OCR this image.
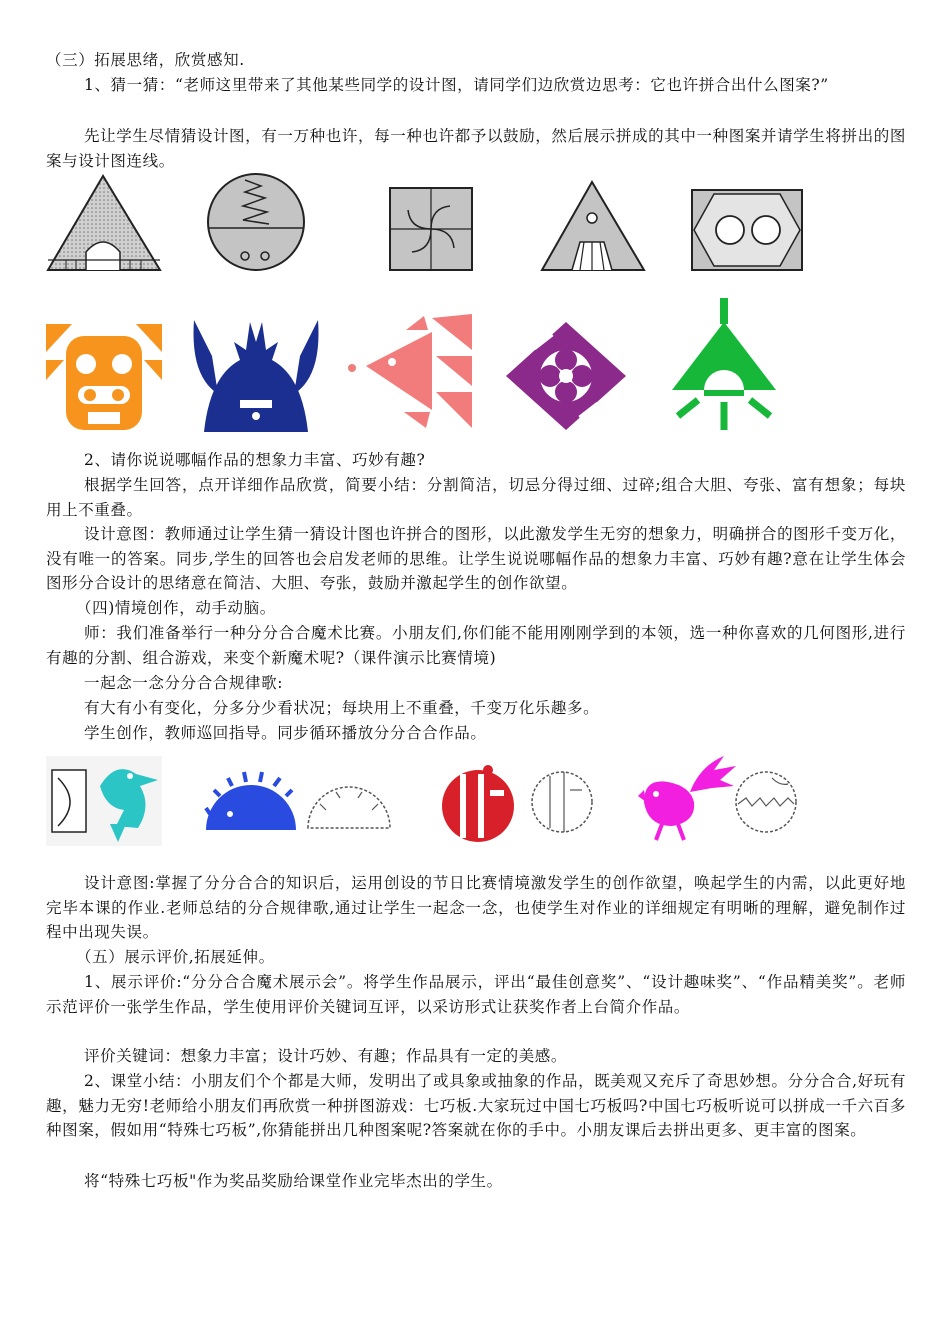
（三）拓展思绪，欣赏感知.

1、猜一猜：“老师这里带来了其他某些同学的设计图，请同学们边欣赏边思考：它也许拼合出什么图案?”

先让学生尽情猜设计图，有一万种也许，每一种也许都予以鼓励，然后展示拼成的其中一种图案并请学生将拼出的图案与设计图连线。

2、请你说说哪幅作品的想象力丰富、巧妙有趣?

根据学生回答，点开详细作品欣赏，简要小结：分割简洁，切忌分得过细、过碎;组合大胆、夸张、富有想象；每块用上不重叠。

设计意图：教师通过让学生猜一猜设计图也许拼合的图形，以此激发学生无穷的想象力，明确拼合的图形千变万化，没有唯一的答案。同步,学生的回答也会启发老师的思维。让学生说说哪幅作品的想象力丰富、巧妙有趣?意在让学生体会图形分合设计的思绪意在简洁、大胆、夸张，鼓励并激起学生的创作欲望。

（四)情境创作，动手动脑。

师：我们准备举行一种分分合合魔术比赛。小朋友们,你们能不能用刚刚学到的本领，选一种你喜欢的几何图形,进行有趣的分割、组合游戏，来变个新魔术呢?（课件演示比赛情境)

一起念一念分分合合规律歌:

有大有小有变化，分多分少看状况；每块用上不重叠，千变万化乐趣多。

学生创作，教师巡回指导。同步循环播放分分合合作品。

设计意图:掌握了分分合合的知识后，运用创设的节日比赛情境激发学生的创作欲望，唤起学生的内需，以此更好地完毕本课的作业.老师总结的分合规律歌,通过让学生一起念一念，也使学生对作业的详细规定有明晰的理解，避免制作过程中出现失误。

（五）展示评价,拓展延伸。

1、展示评价:“分分合合魔术展示会”。将学生作品展示，评出“最佳创意奖”、“设计趣味奖”、“作品精美奖”。老师示范评价一张学生作品，学生使用评价关键词互评，以采访形式让获奖作者上台简介作品。

评价关键词：想象力丰富；设计巧妙、有趣；作品具有一定的美感。

2、课堂小结：小朋友们个个都是大师，发明出了或具象或抽象的作品，既美观又充斥了奇思妙想。分分合合,好玩有趣，魅力无穷!老师给小朋友们再欣赏一种拼图游戏：七巧板.大家玩过中国七巧板吗?中国七巧板听说可以拼成一千六百多种图案，假如用“特殊七巧板”,你猜能拼出几种图案呢?答案就在你的手中。小朋友课后去拼出更多、更丰富的图案。

将“特殊七巧板"作为奖品奖励给课堂作业完毕杰出的学生。
